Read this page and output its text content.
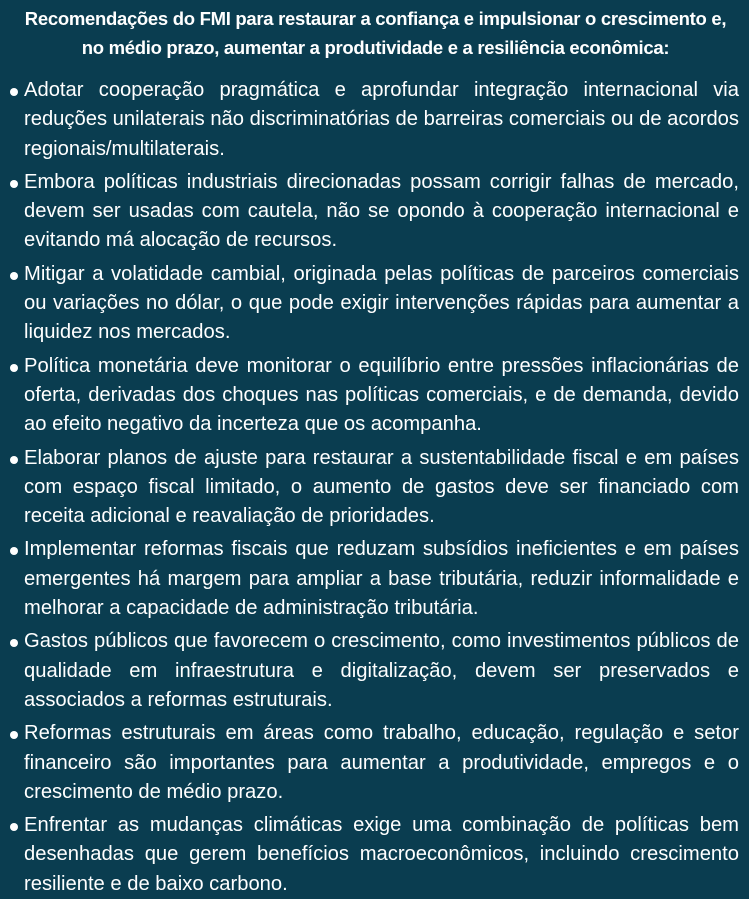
Recomendações do FMI para restaurar a confiança e impulsionar o crescimento e, no médio prazo, aumentar a produtividade e a resiliência econômica:
Adotar cooperação pragmática e aprofundar integração internacional via reduções unilaterais não discriminatórias de barreiras comerciais ou de acordos regionais/multilaterais.
Embora políticas industriais direcionadas possam corrigir falhas de mercado, devem ser usadas com cautela, não se opondo à cooperação internacional e evitando má alocação de recursos.
Mitigar a volatidade cambial, originada pelas políticas de parceiros comerciais ou variações no dólar, o que pode exigir intervenções rápidas para aumentar a liquidez nos mercados.
Política monetária deve monitorar o equilíbrio entre pressões inflacionárias de oferta, derivadas dos choques nas políticas comerciais, e de demanda, devido ao efeito negativo da incerteza que os acompanha.
Elaborar planos de ajuste para restaurar a sustentabilidade fiscal e em países com espaço fiscal limitado, o aumento de gastos deve ser financiado com receita adicional e reavaliação de prioridades.
Implementar reformas fiscais que reduzam subsídios ineficientes e em países emergentes há margem para ampliar a base tributária, reduzir informalidade e melhorar a capacidade de administração tributária.
Gastos públicos que favorecem o crescimento, como investimentos públicos de qualidade em infraestrutura e digitalização, devem ser preservados e associados a reformas estruturais.
Reformas estruturais em áreas como trabalho, educação, regulação e setor financeiro são importantes para aumentar a produtividade, empregos e o crescimento de médio prazo.
Enfrentar as mudanças climáticas exige uma combinação de políticas bem desenhadas que gerem benefícios macroeconômicos, incluindo crescimento resiliente e de baixo carbono.
